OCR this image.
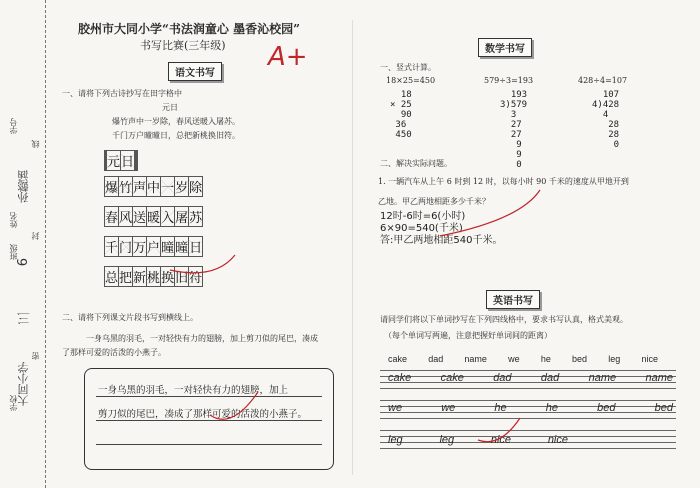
学校 大同小学
三
6
班级
姓名
孙懿涵
学号
密
封
线
胶州市大同小学“书法润童心 墨香沁校园”
书写比赛(三年级) A+
语文书写
一、请将下列古诗抄写在田字格中
元日
爆竹声中一岁除，春风送暖入屠苏。
千门万户曈曈日，总把新桃换旧符。
		元	日			
爆	竹	声	中	一	岁	除
春	风	送	暖	入	屠	苏
千	门	万	户	曈	曈	日
总	把	新	桃	换	旧	符
二、请将下列课文片段书写到横线上。
一身乌黑的羽毛，一对轻快有力的翅膀，加上剪刀似的尾巴，凑成
了那样可爱的活泼的小燕子。
一身乌黑的羽毛，一对轻快有力的翅膀，加上
剪刀似的尾巴，凑成了那样可爱的活泼的小燕子。
数学书写
一、竖式计算。
18×25=450	579÷3=193	428÷4=107
18
× 25
90
36
450
193
3)579
3
27
27
9
9
0
107
4)428
4
28
28
0
二、解决实际问题。
1. 一辆汽车从上午 6 时到 12 时，以每小时 90 千米的速度从甲地开到
乙地。甲乙两地相距多少千米？
12时-6时=6(小时)
6×90=540(千米)
答:甲乙两地相距540千米。
英语书写
请同学们将以下单词抄写在下列四线格中，要求书写认真，格式美观。
（每个单词写两遍，注意把握好单词间的距离）
cake dad name we he bed leg nice
cake	cake	dad	dad	name	name
we	we	he	he	bed	bed
leg	leg	nice	nice
